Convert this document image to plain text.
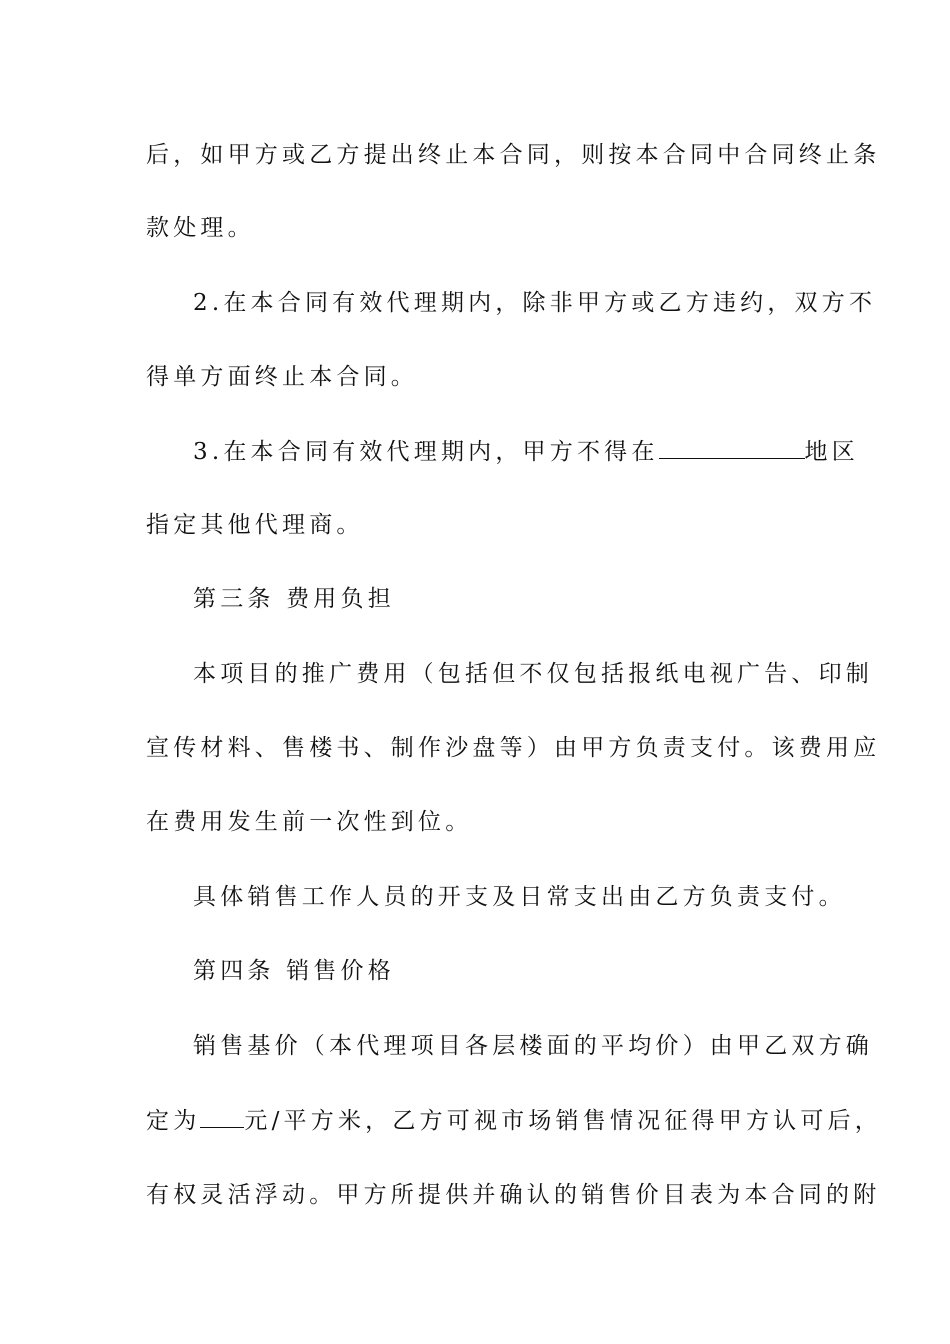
后，如甲方或乙方提出终止本合同，则按本合同中合同终止条
款处理。
2.在本合同有效代理期内，除非甲方或乙方违约，双方不
得单方面终止本合同。
3.在本合同有效代理期内，甲方不得在	地区
指定其他代理商。
第三条 费用负担
本项目的推广费用（包括但不仅包括报纸电视广告、印制
宣传材料、售楼书、制作沙盘等）由甲方负责支付。该费用应
在费用发生前一次性到位。
具体销售工作人员的开支及日常支出由乙方负责支付。
第四条 销售价格
销售基价（本代理项目各层楼面的平均价）由甲乙双方确
定为 元/平方米，乙方可视市场销售情况征得甲方认可后，
有权灵活浮动。甲方所提供并确认的销售价目表为本合同的附
